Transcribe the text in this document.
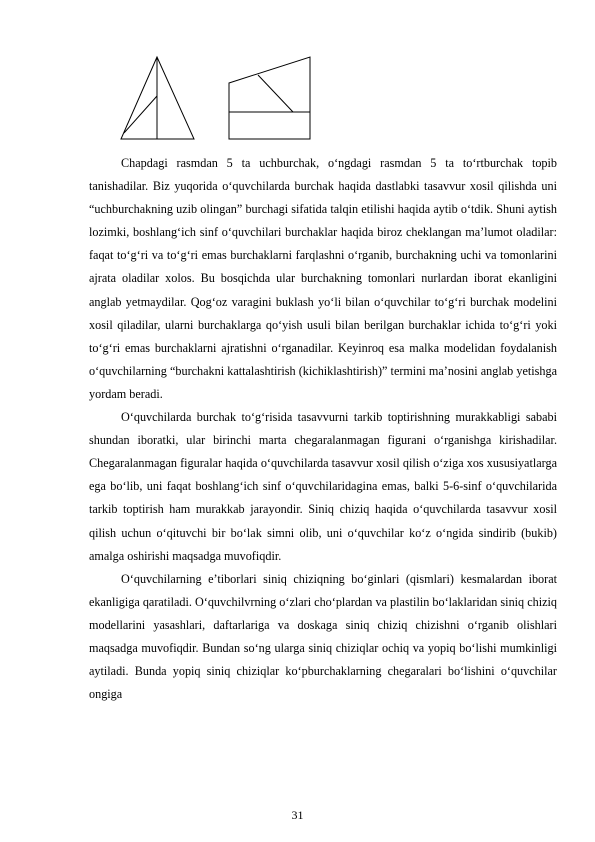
Chapdagi rasmdan 5 ta uchburchak, o‘ngdagi rasmdan 5 ta to‘rtburchak topib tanishadilar. Biz yuqorida o‘quvchilarda burchak haqida dastlabki tasavvur xosil qilishda uni “uchburchakning uzib olingan” burchagi sifatida talqin etilishi haqida aytib o‘tdik. Shuni aytish lozimki, boshlang‘ich sinf o‘quvchilari burchaklar haqida biroz cheklangan ma’lumot oladilar: faqat to‘g‘ri va to‘g‘ri emas burchaklarni farqlashni o‘rganib, burchakning uchi va tomonlarini ajrata oladilar xolos. Bu bosqichda ular burchakning tomonlari nurlardan iborat ekanligini anglab yetmaydilar. Qog‘oz varagini buklash yo‘li bilan o‘quvchilar to‘g‘ri burchak modelini xosil qiladilar, ularni burchaklarga qo‘yish usuli bilan berilgan burchaklar ichida to‘g‘ri yoki to‘g‘ri emas burchaklarni ajratishni o‘rganadilar. Keyinroq esa malka modelidan foydalanish o‘quvchilarning “burchakni kattalashtirish (kichiklashtirish)” termini ma’nosini anglab yetishga yordam beradi.

O‘quvchilarda burchak to‘g‘risida tasavvurni tarkib toptirishning murakkabligi sababi shundan iboratki, ular birinchi marta chegaralanmagan figurani o‘rganishga kirishadilar. Chegaralanmagan figuralar haqida o‘quvchilarda tasavvur xosil qilish o‘ziga xos xususiyatlarga ega bo‘lib, uni faqat boshlang‘ich sinf o‘quvchilaridagina emas, balki 5-6-sinf o‘quvchilarida tarkib toptirish ham murakkab jarayondir. Siniq chiziq haqida o‘quvchilarda tasavvur xosil qilish uchun o‘qituvchi bir bo‘lak simni olib, uni o‘quvchilar ko‘z o‘ngida sindirib (bukib) amalga oshirishi maqsadga muvofiqdir.

O‘quvchilarning e’tiborlari siniq chiziqning bo‘ginlari (qismlari) kesmalardan iborat ekanligiga qaratiladi. O‘quvchilvrning o‘zlari cho‘plardan va plastilin bo‘laklaridan siniq chiziq modellarini yasashlari, daftarlariga va doskaga siniq chiziq chizishni o‘rganib olishlari maqsadga muvofiqdir. Bundan so‘ng ularga siniq chiziqlar ochiq va yopiq bo‘lishi mumkinligi aytiladi. Bunda yopiq siniq chiziqlar ko‘pburchaklarning chegaralari bo‘lishini o‘quvchilar ongiga

31
